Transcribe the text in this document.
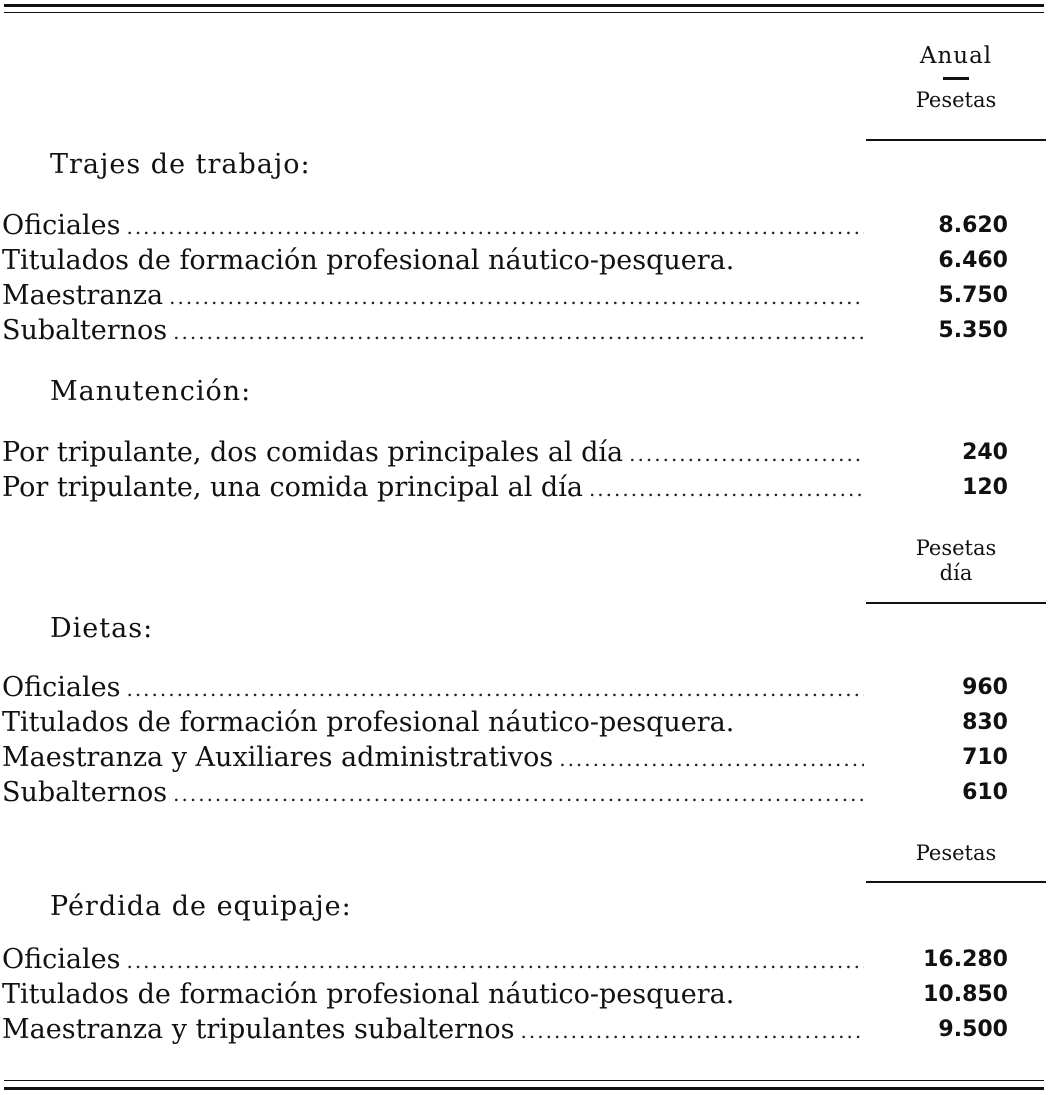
Anual
Pesetas
Trajes de trabajo:
Oficiales .....	8.620
Titulados de formación profesional náutico-pesquera.	6.460
Maestranza .....	5.750
Subalternos .....	5.350
Manutención:
Por tripulante, dos comidas principales al día .....	240
Por tripulante, una comida principal al día .....	120
Pesetas
día
Dietas:
Oficiales .....	960
Titulados de formación profesional náutico-pesquera.	830
Maestranza y Auxiliares administrativos .....	710
Subalternos .....	610
Pesetas
Pérdida de equipaje:
Oficiales .....	16.280
Titulados de formación profesional náutico-pesquera.	10.850
Maestranza y tripulantes subalternos .....	9.500
